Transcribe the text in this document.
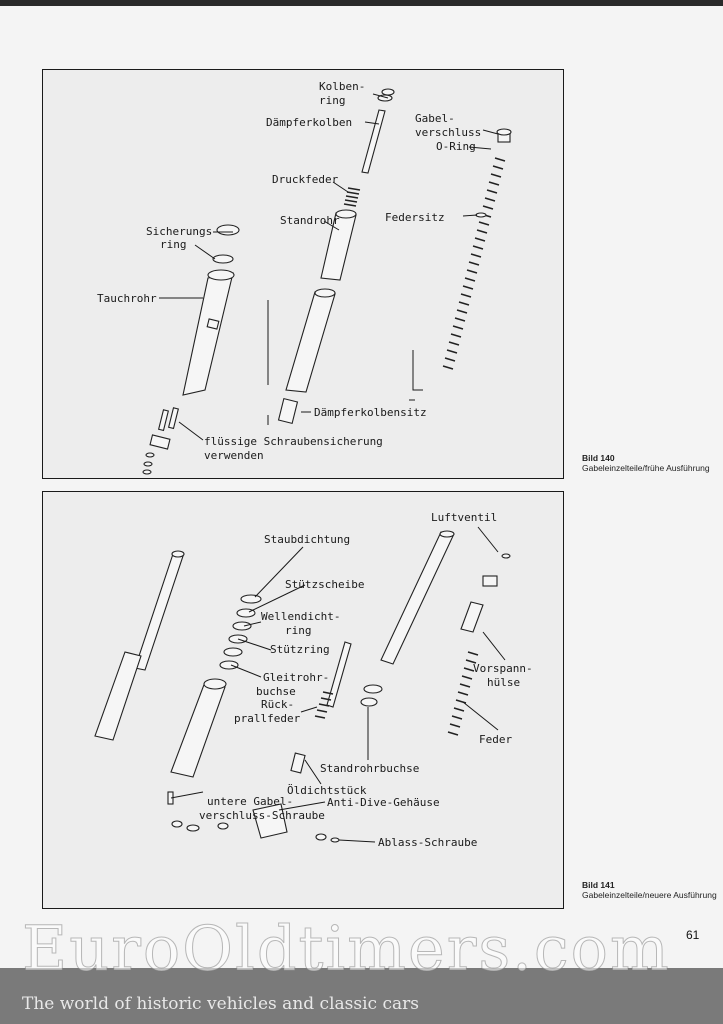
Kolben-
ring
Dämpferkolben	Gabel-
verschluss
O-Ring
Druckfeder
Standrohr	Federsitz
Sicherungs
ring
Tauchrohr
Dämpferkolbensitz
flüssige Schraubensicherung
verwenden	Bild 140
Gabeleinzelteile/frühe Ausführung
Luftventil
Staubdichtung
Stützscheibe
Wellendicht-
ring
Stützring
Gleitrohr-
buchse
Rück-
prallfeder
Vorspann-
hülse
Feder
Standrohrbuchse
Öldichtstück
untere Gabel-
verschluss-Schraube
Anti-Dive-Gehäuse
Ablass-Schraube
Bild 141
Gabeleinzelteile/neuere Ausführung
61
EuroOldtimers.com
The world of historic vehicles and classic cars
